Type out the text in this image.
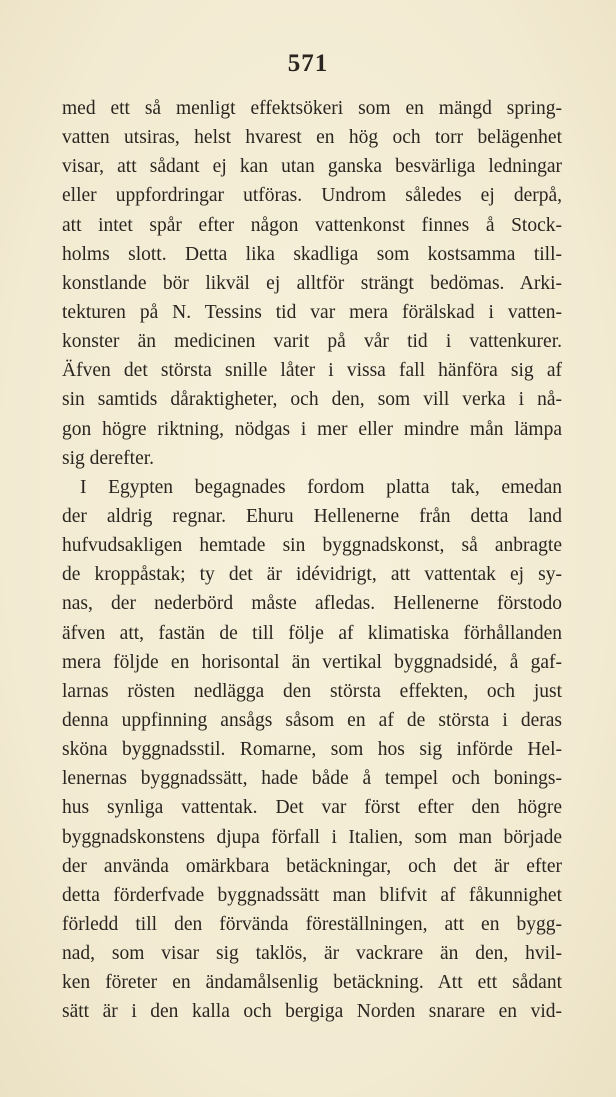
571
med ett så menligt effektsökeri som en mängd spring-
vatten utsiras, helst hvarest en hög och torr belägenhet
visar, att sådant ej kan utan ganska besvärliga ledningar
eller uppfordringar utföras. Undrom således ej derpå,
att intet spår efter någon vattenkonst finnes å Stock-
holms slott. Detta lika skadliga som kostsamma till-
konstlande bör likväl ej alltför strängt bedömas. Arki-
tekturen på N. Tessins tid var mera förälskad i vatten-
konster än medicinen varit på vår tid i vattenkurer.
Äfven det största snille låter i vissa fall hänföra sig af
sin samtids dåraktigheter, och den, som vill verka i nå-
gon högre riktning, nödgas i mer eller mindre mån lämpa
sig derefter.
I Egypten begagnades fordom platta tak, emedan
der aldrig regnar. Ehuru Hellenerne från detta land
hufvudsakligen hemtade sin byggnadskonst, så anbragte
de kroppåstak; ty det är idévidrigt, att vattentak ej sy-
nas, der nederbörd måste afledas. Hellenerne förstodo
äfven att, fastän de till följe af klimatiska förhållanden
mera följde en horisontal än vertikal byggnadsidé, å gaf-
larnas rösten nedlägga den största effekten, och just
denna uppfinning ansågs såsom en af de största i deras
sköna byggnadsstil. Romarne, som hos sig införde Hel-
lenernas byggnadssätt, hade både å tempel och bonings-
hus synliga vattentak. Det var först efter den högre
byggnadskonstens djupa förfall i Italien, som man började
der använda omärkbara betäckningar, och det är efter
detta förderfvade byggnadssätt man blifvit af fåkunnighet
förledd till den förvända föreställningen, att en bygg-
nad, som visar sig taklös, är vackrare än den, hvil-
ken företer en ändamålsenlig betäckning. Att ett sådant
sätt är i den kalla och bergiga Norden snarare en vid-
